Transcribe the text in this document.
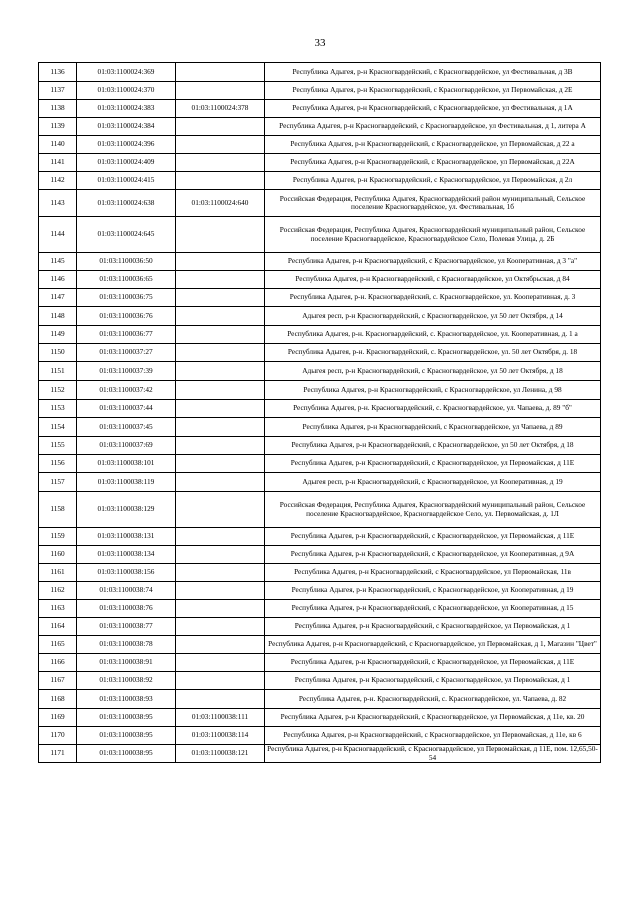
33
1136	01:03:1100024:369		Республика Адыгея, р-н Красногвардейский, с Красногвардейское, ул Фестивальная, д 3В
1137	01:03:1100024:370		Республика Адыгея, р-н Красногвардейский, с Красногвардейское, ул Первомайская, д 2Е
1138	01:03:1100024:383	01:03:1100024:378	Республика Адыгея, р-н Красногвардейский, с Красногвардейское, ул Фестивальная, д 1А
1139	01:03:1100024:384		Республика Адыгея, р-н Красногвардейский, с Красногвардейское, ул Фестивальная, д 1, литера А
1140	01:03:1100024:396		Республика Адыгея, р-н Красногвардейский, с Красногвардейское, ул Первомайская, д 22 а
1141	01:03:1100024:409		Республика Адыгея, р-н Красногвардейский, с Красногвардейское, ул Первомайская, д 22А
1142	01:03:1100024:415		Республика Адыгея, р-н Красногвардейский, с Красногвардейское, ул Первомайская, д 2л
1143	01:03:1100024:638	01:03:1100024:640	Российская Федерация, Республика Адыгея, Красногвардейский район муниципальный, Сельское поселение Красногвардейское, ул. Фестивальная, 1б
1144	01:03:1100024:645		Российская Федерация, Республика Адыгея, Красногвардейский муниципальный район, Сельское поселение Красногвардейское, Красногвардейское Село, Полевая Улица, д. 2Б
1145	01:03:1100036:50		Республика Адыгея, р-н Красногвардейский, с Красногвардейское, ул Кооперативная, д 3 "а"
1146	01:03:1100036:65		Республика Адыгея, р-н Красногвардейский, с Красногвардейское, ул Октябрьская, д 84
1147	01:03:1100036:75		Республика Адыгея, р-н. Красногвардейский, с. Красногвардейское, ул. Кооперативная, д. 3
1148	01:03:1100036:76		Адыгея респ, р-н Красногвардейский, с Красногвардейское, ул 50 лет Октября, д 14
1149	01:03:1100036:77		Республика Адыгея, р-н. Красногвардейский, с. Красногвардейское, ул. Кооперативная, д. 1 а
1150	01:03:1100037:27		Республика Адыгея, р-н. Красногвардейский, с. Красногвардейское, ул. 50 лет Октября, д. 18
1151	01:03:1100037:39		Адыгея респ, р-н Красногвардейский, с Красногвардейское, ул 50 лет Октября, д 18
1152	01:03:1100037:42		Республика Адыгея, р-н Красногвардейский, с Красногвардейское, ул Ленина, д 98
1153	01:03:1100037:44		Республика Адыгея, р-н. Красногвардейский, с. Красногвардейское, ул. Чапаева, д. 89 "б"
1154	01:03:1100037:45		Республика Адыгея, р-н Красногвардейский, с Красногвардейское, ул Чапаева, д 89
1155	01:03:1100037:69		Республика Адыгея, р-н Красногвардейский, с Красногвардейское, ул 50 лет Октября, д 18
1156	01:03:1100038:101		Республика Адыгея, р-н Красногвардейский, с Красногвардейское, ул Первомайская, д 11Е
1157	01:03:1100038:119		Адыгея респ, р-н Красногвардейский, с Красногвардейское, ул Кооперативная, д 19
1158	01:03:1100038:129		Российская Федерация, Республика Адыгея, Красногвардейский муниципальный район, Сельское поселение Красногвардейское, Красногвардейское Село, ул. Первомайская, д. 1Л
1159	01:03:1100038:131		Республика Адыгея, р-н Красногвардейский, с Красногвардейское, ул Первомайская, д 11Е
1160	01:03:1100038:134		Республика Адыгея, р-н Красногвардейский, с Красногвардейское, ул Кооперативная, д 9А
1161	01:03:1100038:156		Республика Адыгея, р-н Красногвардейский, с Красногвардейское, ул Первомайская, 11в
1162	01:03:1100038:74		Республика Адыгея, р-н Красногвардейский, с Красногвардейское, ул Кооперативная, д 19
1163	01:03:1100038:76		Республика Адыгея, р-н Красногвардейский, с Красногвардейское, ул Кооперативная, д 15
1164	01:03:1100038:77		Республика Адыгея, р-н Красногвардейский, с Красногвардейское, ул Первомайская, д 1
1165	01:03:1100038:78		Республика Адыгея, р-н Красногвардейский, с Красногвардейское, ул Первомайская, д 1, Магазин "Цвет"
1166	01:03:1100038:91		Республика Адыгея, р-н Красногвардейский, с Красногвардейское, ул Первомайская, д 11Е
1167	01:03:1100038:92		Республика Адыгея, р-н Красногвардейский, с Красногвардейское, ул Первомайская, д 1
1168	01:03:1100038:93		Республика Адыгея, р-н. Красногвардейский, с. Красногвардейское, ул. Чапаева, д. 82
1169	01:03:1100038:95	01:03:1100038:111	Республика Адыгея, р-н Красногвардейский, с Красногвардейское, ул Первомайская, д 11е, кв. 20
1170	01:03:1100038:95	01:03:1100038:114	Республика Адыгея, р-н Красногвардейский, с Красногвардейское, ул Первомайская, д 11е, кв 6
1171	01:03:1100038:95	01:03:1100038:121	Республика Адыгея, р-н Красногвардейский, с Красногвардейское, ул Первомайская, д 11Е, пом. 12,65,50-54
